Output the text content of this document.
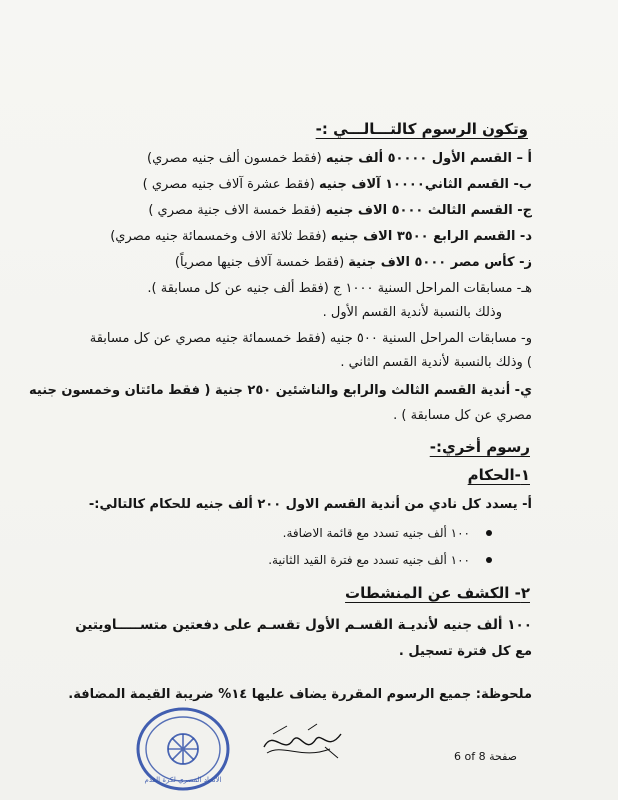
وتكون الرسوم كالتـــالـــي :-
أ – القسم الأول ٥٠٠٠٠ ألف جنيه (فقط خمسون ألف جنيه مصري)
ب- القسم الثاني١٠٠٠٠ آلاف جنيه (فقط عشرة آلاف جنيه مصري )
ج- القسم الثالث ٥٠٠٠ الاف جنيه (فقط خمسة الاف جنية مصري )
د- القسم الرابع ٣٥٠٠ الاف جنيه (فقط ثلاثة الاف وخمسمائة جنيه مصري)
ز- كأس مصر ٥٠٠٠ الاف جنية (فقط خمسة آلاف جنيها مصرياً)
هـ- مسابقات المراحل السنية ١٠٠٠ ج (فقط ألف جنيه عن كل مسابقة ).
وذلك بالنسبة لأندية القسم الأول .
و- مسابقات المراحل السنية ٥٠٠ جنيه (فقط خمسمائة جنيه مصري عن كل مسابقة
) وذلك بالنسبة لأندية القسم الثاني .
ي- أندية القسم الثالث والرابع والناشئين ٢٥٠ جنية ( فقط مائتان وخمسون جنيه
مصري عن كل مسابقة ) .
رسوم أخري:-
١-الحكام
أ- يسدد كل نادي من أندية القسم الاول ٢٠٠ ألف جنيه للحكام كالتالي:-
١٠٠ ألف جنيه تسدد مع قائمة الاضافة.
١٠٠ ألف جنيه تسدد مع فترة القيد الثانية.
٢- الكشف عن المنشطات
١٠٠ ألف جنيه لأنديـة القسـم الأول تقسـم على دفعتين متســـــاويتين
مع كل فترة تسجيل .
ملحوظة: جميع الرسوم المقررة يضاف عليها ١٤% ضريبة القيمة المضافة.
الاتحاد المصري لكرة القدم
6 of 8 صفحة
